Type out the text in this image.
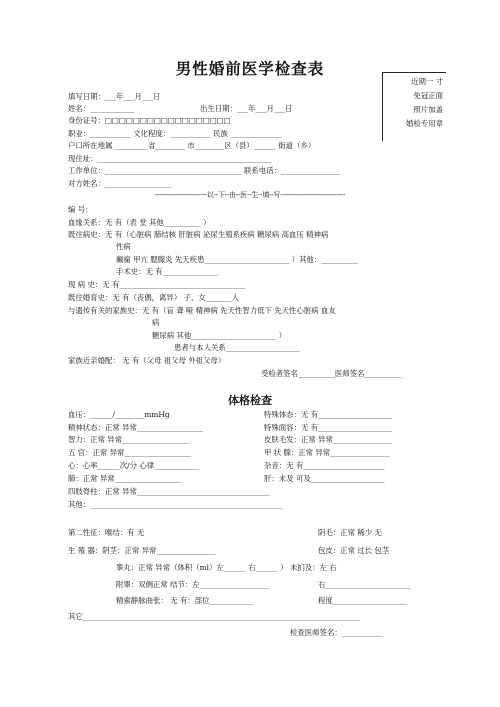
男性婚前医学检查表
近期一 寸
免冠正面
照片加盖
婚检专用章
填写日期：___年___月___日
姓名：____________	出生日期：___年___月___日
身份证号：□□□□□□□□□□□□□□□□□□
职业：___________ 文化程度：___________ 民族 ______________
户口所在地属 _________省________ 市________区（县）______ 街道（乡）
现住址：_______________________________________________
工作单位：_____________________________________ 联系电话：________________
对方姓名：__________________
------------------------以--下--由--医--生--填--写------------------------------
编 号：
血缘关系：无 有（表 堂 其他__________ ）
既往病史：无 有（心脏病 肺结核 肝脏病 泌尿生殖系疾病 糖尿病 高血压 精神病
性病
癫痫 甲亢 腮腺炎 先天疾患_______________________ ）其他：__________
手术史：无 有_______________
现 病 史：无 有__________________________________
既往婚育史：无 有（丧偶，离异） 子、女_______人
与遗传有关的家族史：无 有（盲 聋 哑 精神病 先天性智力低下 先天性心脏病 血友
病
糖尿病 其他_______________________ ）
患者与本人关系____________________
家族近亲婚配： 无 有（父母 祖父母 外祖父母）
受检者签名__________医师签名__________
体格检查
血压：______/________mmHg
精神状态：正常 异常__________________
智力：正常 异常__________________
五 官：正常 异常__________________
心：心率______次/分 心律____________
肺：正常 异常__________________
四肢脊柱：正常 异常____________________________________
其他：____________________________________________________
特殊体态：无 有____________________
特殊面容：无 有____________________
皮肤毛发：正常 异常________________
甲 状 腺：正常 异常________________
杂音：无 有______________________
肝：未及 可及____________________
第二性征：喉结：有 无	阴毛：正常 稀少 无
生 殖 器：阴茎：正常 异常________________	包皮：正常 过长 包茎
睾丸：正常 异常（体积（ml）左______ 右______ ） 未扪及：左 右
附睾：双侧正常 结节：左___________________	右_______________________
精索静脉曲张： 无 有：部位____________	程度____________________
其它___________________________________________________________________________
检查医师签名：___________
